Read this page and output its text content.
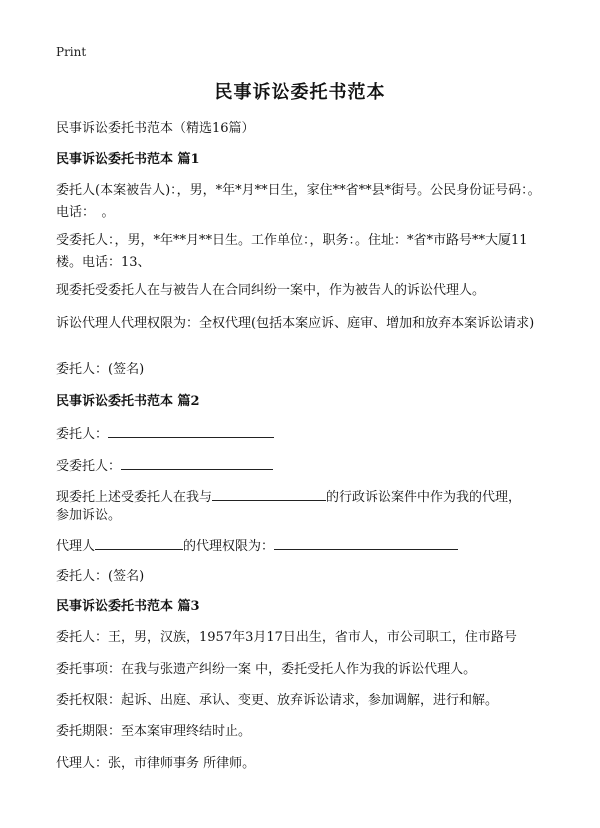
Print
民事诉讼委托书范本
民事诉讼委托书范本（精选16篇）
民事诉讼委托书范本 篇1
委托人(本案被告人)：，男，*年*月**日生，家住**省**县*街号。公民身份证号码：。电话：　。
受委托人：，男，*年**月**日生。工作单位：，职务：。住址：*省*市路号**大厦11楼。电话：13、
现委托受委托人在与被告人在合同纠纷一案中，作为被告人的诉讼代理人。
诉讼代理人代理权限为：全权代理(包括本案应诉、庭审、增加和放弃本案诉讼请求)
委托人：(签名)
民事诉讼委托书范本 篇2
委托人：
受委托人：
现委托上述受委托人在我与	的行政诉讼案件中作为我的代理，
参加诉讼。
代理人	的代理权限为：
委托人：(签名)
民事诉讼委托书范本 篇3
委托人：王，男，汉族，1957年3月17日出生，省市人，市公司职工，住市路号
委托事项：在我与张遗产纠纷一案 中，委托受托人作为我的诉讼代理人。
委托权限：起诉、出庭、承认、变更、放弃诉讼请求，参加调解，进行和解。
委托期限：至本案审理终结时止。
代理人：张，市律师事务 所律师。
